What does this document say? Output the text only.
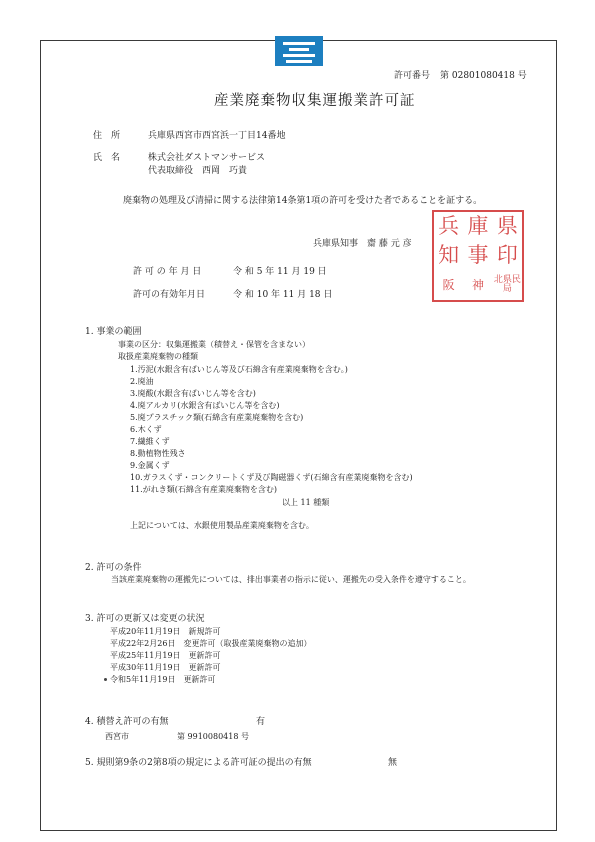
許可番号 第 02801080418 号
産業廃棄物収集運搬業許可証
住　所	兵庫県西宮市西宮浜一丁目14番地
氏　名	株式会社ダストマンサービス
代表取締役　西岡　巧貴
廃棄物の処理及び清掃に関する法律第14条第1項の許可を受けた者であることを証する。
兵庫県知事　齋 藤 元 彦
兵 庫 県
知 事 印
阪	神	北県民局
許 可 の 年 月 日	令 和 5 年 11 月 19 日
許可の有効年月日	令 和 10 年 11 月 18 日
1. 事業の範囲
事業の区分：収集運搬業（積替え・保管を含まない）
取扱産業廃棄物の種類
1.汚泥(水銀含有ばいじん等及び石綿含有産業廃棄物を含む。)
2.廃油
3.廃酸(水銀含有ばいじん等を含む)
4.廃アルカリ(水銀含有ばいじん等を含む)
5.廃プラスチック類(石綿含有産業廃棄物を含む)
6.木くず
7.繊維くず
8.動植物性残さ
9.金属くず
10.ガラスくず・コンクリートくず及び陶磁器くず(石綿含有産業廃棄物を含む)
11.がれき類(石綿含有産業廃棄物を含む)
以上 11 種類
上記については、水銀使用製品産業廃棄物を含む。
2. 許可の条件
当該産業廃棄物の運搬先については、排出事業者の指示に従い、運搬先の受入条件を遵守すること。
3. 許可の更新又は変更の状況
平成20年11月19日　新規許可
平成22年2月26日　変更許可（取扱産業廃棄物の追加）
平成25年11月19日　更新許可
平成30年11月19日　更新許可
令和5年11月19日　更新許可
4. 積替え許可の有無	有
西宮市	第 9910080418 号
5. 規則第9条の2第8項の規定による許可証の提出の有無	無
